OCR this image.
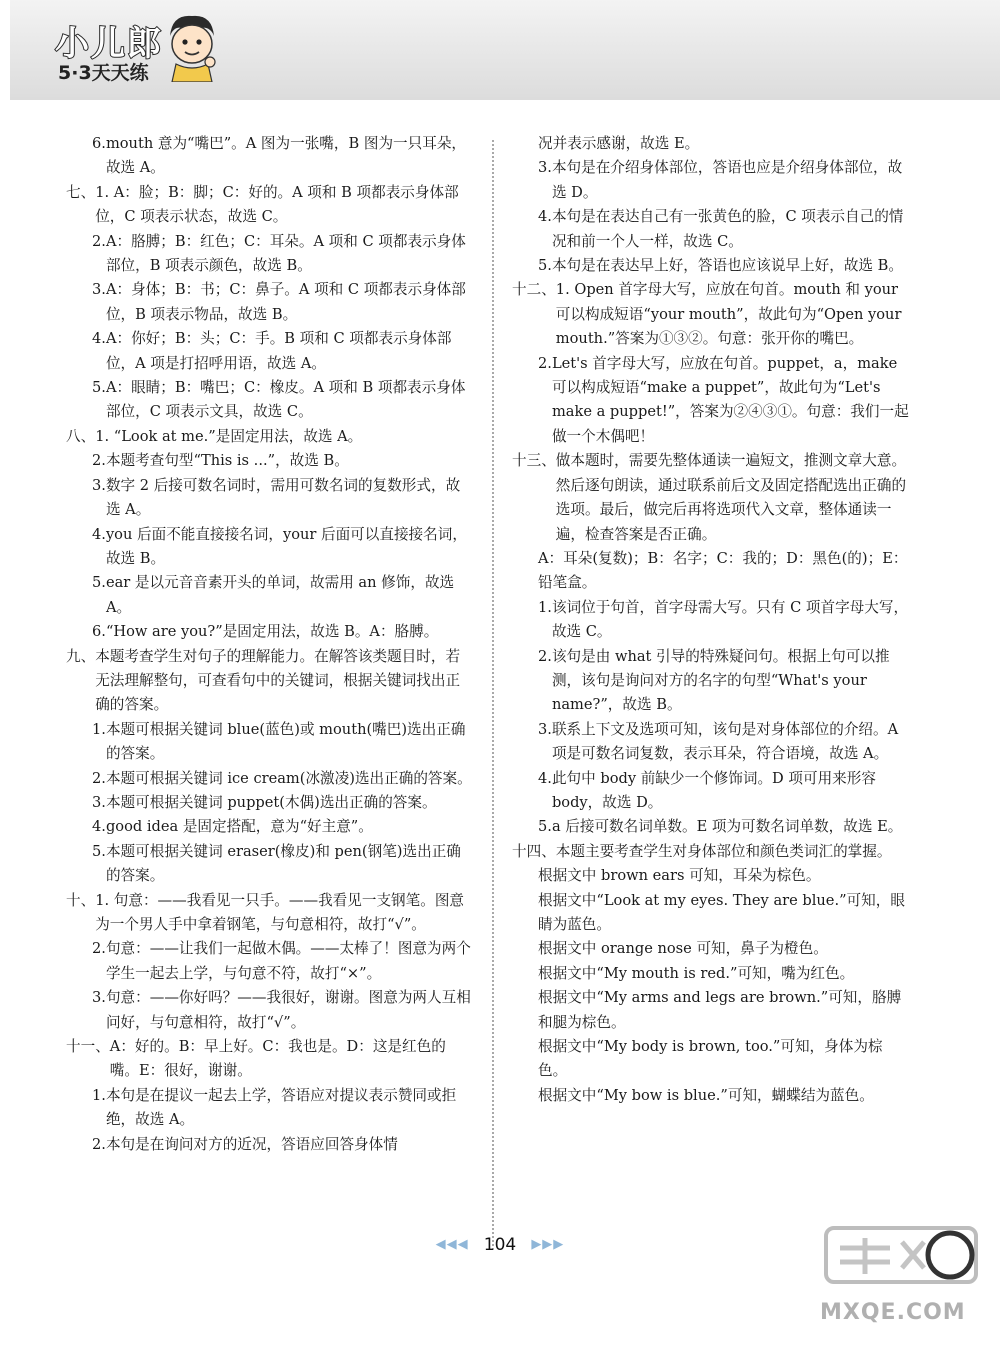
小儿郎
5·3天天练
6. mouth 意为“嘴巴”。A 图为一张嘴，B 图为一只耳朵，故选 A。
七、 1. A：脸；B：脚；C：好的。A 项和 B 项都表示身体部位，C 项表示状态，故选 C。
2. A：胳膊；B：红色；C：耳朵。A 项和 C 项都表示身体部位，B 项表示颜色，故选 B。
3. A：身体；B：书；C：鼻子。A 项和 C 项都表示身体部位，B 项表示物品，故选 B。
4. A：你好；B：头；C：手。B 项和 C 项都表示身体部位，A 项是打招呼用语，故选 A。
5. A：眼睛；B：嘴巴；C：橡皮。A 项和 B 项都表示身体部位，C 项表示文具，故选 C。
八、 1. “Look at me.”是固定用法，故选 A。
2. 本题考查句型“This is ...”，故选 B。
3. 数字 2 后接可数名词时，需用可数名词的复数形式，故选 A。
4. you 后面不能直接接名词，your 后面可以直接接名词，故选 B。
5. ear 是以元音音素开头的单词，故需用 an 修饰，故选 A。
6. “How are you?”是固定用法，故选 B。A：胳膊。
九、 本题考查学生对句子的理解能力。在解答该类题目时，若无法理解整句，可查看句中的关键词，根据关键词找出正确的答案。
1. 本题可根据关键词 blue(蓝色)或 mouth(嘴巴)选出正确的答案。
2. 本题可根据关键词 ice cream(冰激凌)选出正确的答案。
3. 本题可根据关键词 puppet(木偶)选出正确的答案。
4. good idea 是固定搭配，意为“好主意”。
5. 本题可根据关键词 eraser(橡皮)和 pen(钢笔)选出正确的答案。
十、 1. 句意：——我看见一只手。——我看见一支钢笔。图意为一个男人手中拿着钢笔，与句意相符，故打“√”。
2. 句意：——让我们一起做木偶。——太棒了！图意为两个学生一起去上学，与句意不符，故打“×”。
3. 句意：——你好吗？——我很好，谢谢。图意为两人互相问好，与句意相符，故打“√”。
十一、 A：好的。B：早上好。C：我也是。D：这是红色的嘴。E：很好，谢谢。
1. 本句是在提议一起去上学，答语应对提议表示赞同或拒绝，故选 A。
2. 本句是在询问对方的近况，答语应回答身体情
况并表示感谢，故选 E。
3. 本句是在介绍身体部位，答语也应是介绍身体部位，故选 D。
4. 本句是在表达自己有一张黄色的脸，C 项表示自己的情况和前一个人一样，故选 C。
5. 本句是在表达早上好，答语也应该说早上好，故选 B。
十二、 1. Open 首字母大写，应放在句首。mouth 和 your 可以构成短语“your mouth”，故此句为“Open your mouth.”答案为①③②。句意：张开你的嘴巴。
2. Let's 首字母大写，应放在句首。puppet，a，make 可以构成短语“make a puppet”，故此句为“Let's make a puppet!”，答案为②④③①。句意：我们一起做一个木偶吧！
十三、 做本题时，需要先整体通读一遍短文，推测文章大意。然后逐句朗读，通过联系前后文及固定搭配选出正确的选项。最后，做完后再将选项代入文章，整体通读一遍，检查答案是否正确。
A：耳朵(复数)；B：名字；C：我的；D：黑色(的)；E：铅笔盒。
1. 该词位于句首，首字母需大写。只有 C 项首字母大写，故选 C。
2. 该句是由 what 引导的特殊疑问句。根据上句可以推测，该句是询问对方的名字的句型“What's your name?”，故选 B。
3. 联系上下文及选项可知，该句是对身体部位的介绍。A 项是可数名词复数，表示耳朵，符合语境，故选 A。
4. 此句中 body 前缺少一个修饰词。D 项可用来形容 body，故选 D。
5. a 后接可数名词单数。E 项为可数名词单数，故选 E。
十四、 本题主要考查学生对身体部位和颜色类词汇的掌握。
根据文中 brown ears 可知，耳朵为棕色。
根据文中“Look at my eyes. They are blue.”可知，眼睛为蓝色。
根据文中 orange nose 可知，鼻子为橙色。
根据文中“My mouth is red.”可知，嘴为红色。
根据文中“My arms and legs are brown.”可知，胳膊和腿为棕色。
根据文中“My body is brown, too.”可知，身体为棕色。
根据文中“My bow is blue.”可知，蝴蝶结为蓝色。
◀◀◀ 104 ▶▶▶
MXQE.COM
